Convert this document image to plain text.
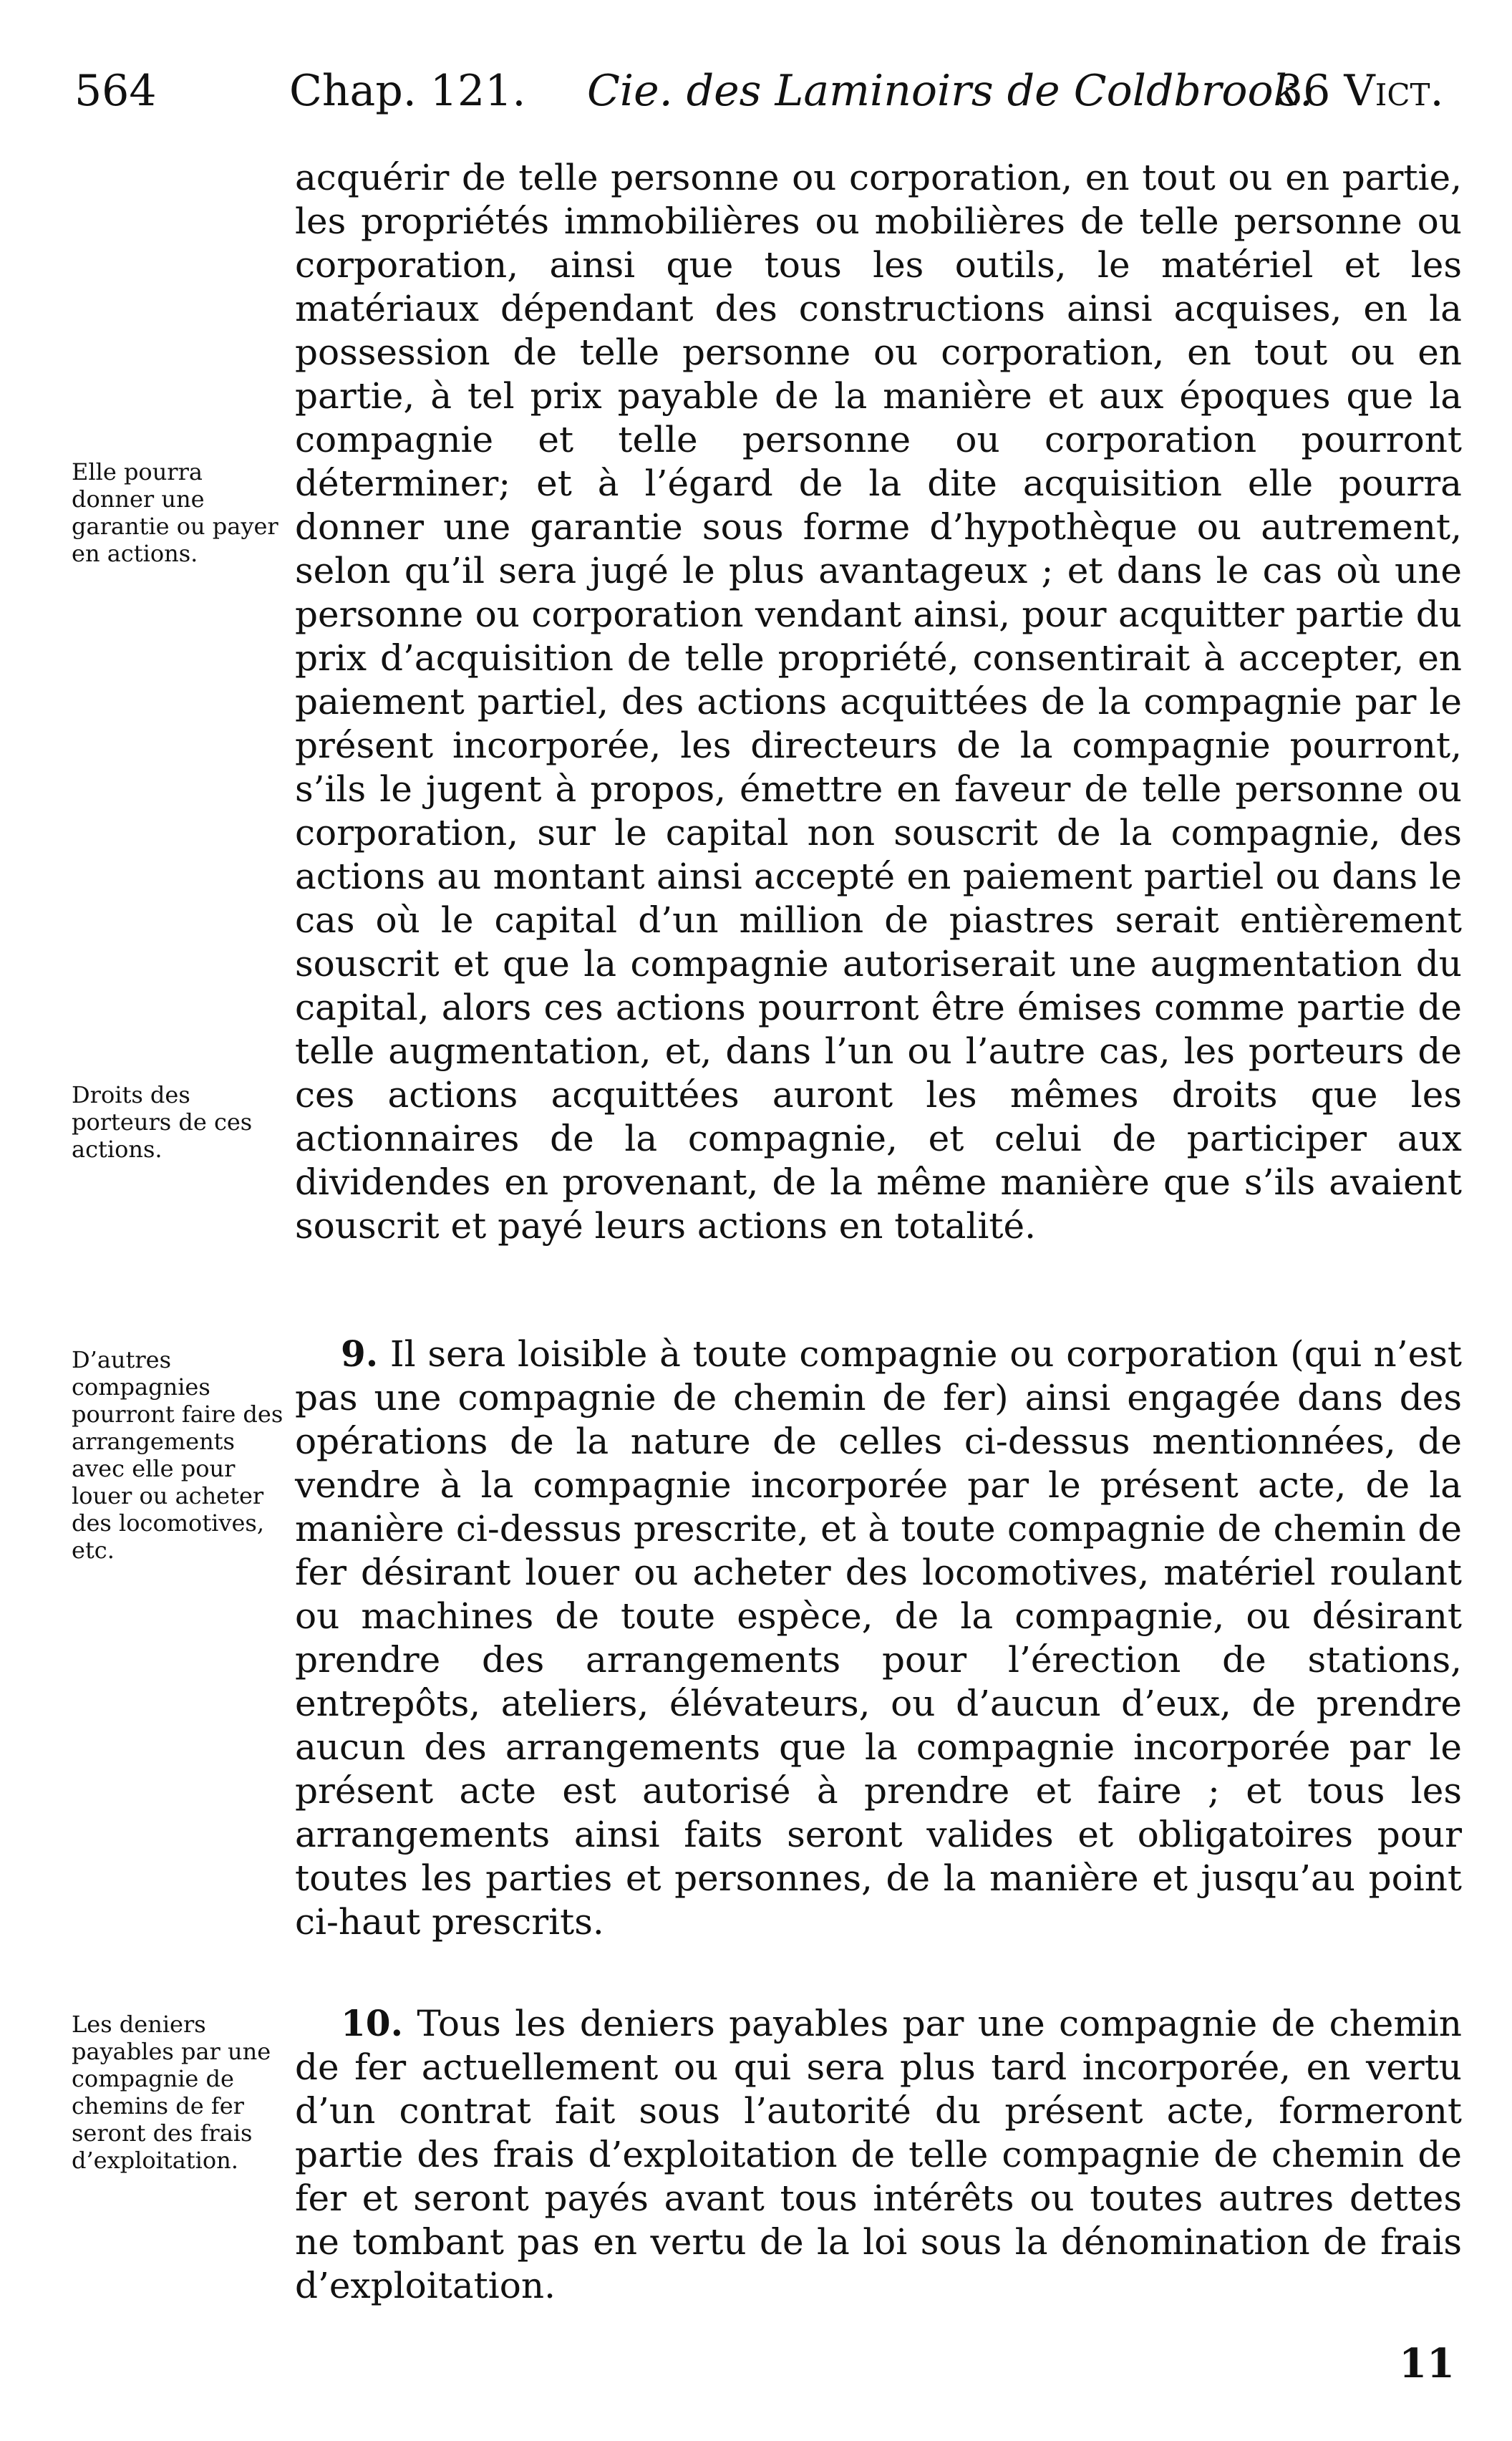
564	Chap. 121. Cie. des Laminoirs de Coldbrook.
36 Vict.
Elle pourra donner une garantie ou payer en actions.
Droits des porteurs de ces actions.
D’autres compagnies pourront faire des arrangements avec elle pour louer ou acheter des locomotives, etc.
Les deniers payables par une compagnie de chemins de fer seront des frais d’exploitation.
acquérir de telle personne ou corporation, en tout ou en partie, les propriétés immobilières ou mobilières de telle personne ou corporation, ainsi que tous les outils, le matériel et les matériaux dépendant des constructions ainsi acquises, en la possession de telle personne ou corporation, en tout ou en partie, à tel prix payable de la manière et aux époques que la compagnie et telle personne ou corporation pourront déterminer; et à l’égard de la dite acquisition elle pourra donner une garantie sous forme d’hypothèque ou autrement, selon qu’il sera jugé le plus avantageux ; et dans le cas où une personne ou corporation vendant ainsi, pour acquitter partie du prix d’acquisition de telle propriété, consentirait à accepter, en paiement partiel, des actions acquittées de la compagnie par le présent incorporée, les directeurs de la compagnie pourront, s’ils le jugent à propos, émettre en faveur de telle personne ou corporation, sur le capital non souscrit de la compagnie, des actions au montant ainsi accepté en paiement partiel ou dans le cas où le capital d’un million de piastres serait entièrement souscrit et que la compagnie autoriserait une augmentation du capital, alors ces actions pourront être émises comme partie de telle augmentation, et, dans l’un ou l’autre cas, les porteurs de ces actions acquittées auront les mêmes droits que les actionnaires de la compagnie, et celui de participer aux dividendes en provenant, de la même manière que s’ils avaient souscrit et payé leurs actions en totalité.
9. Il sera loisible à toute compagnie ou corporation (qui n’est pas une compagnie de chemin de fer) ainsi engagée dans des opérations de la nature de celles ci-dessus mentionnées, de vendre à la compagnie incorporée par le présent acte, de la manière ci-dessus prescrite, et à toute compagnie de chemin de fer désirant louer ou acheter des locomotives, matériel roulant ou machines de toute espèce, de la compagnie, ou désirant prendre des arrangements pour l’érection de stations, entrepôts, ateliers, élévateurs, ou d’aucun d’eux, de prendre aucun des arrangements que la compagnie incorporée par le présent acte est autorisé à prendre et faire ; et tous les arrangements ainsi faits seront valides et obligatoires pour toutes les parties et personnes, de la manière et jusqu’au point ci-haut prescrits.
10. Tous les deniers payables par une compagnie de chemin de fer actuellement ou qui sera plus tard incorporée, en vertu d’un contrat fait sous l’autorité du présent acte, formeront partie des frais d’exploitation de telle compagnie de chemin de fer et seront payés avant tous intérêts ou toutes autres dettes ne tombant pas en vertu de la loi sous la dénomination de frais d’exploitation.
11
